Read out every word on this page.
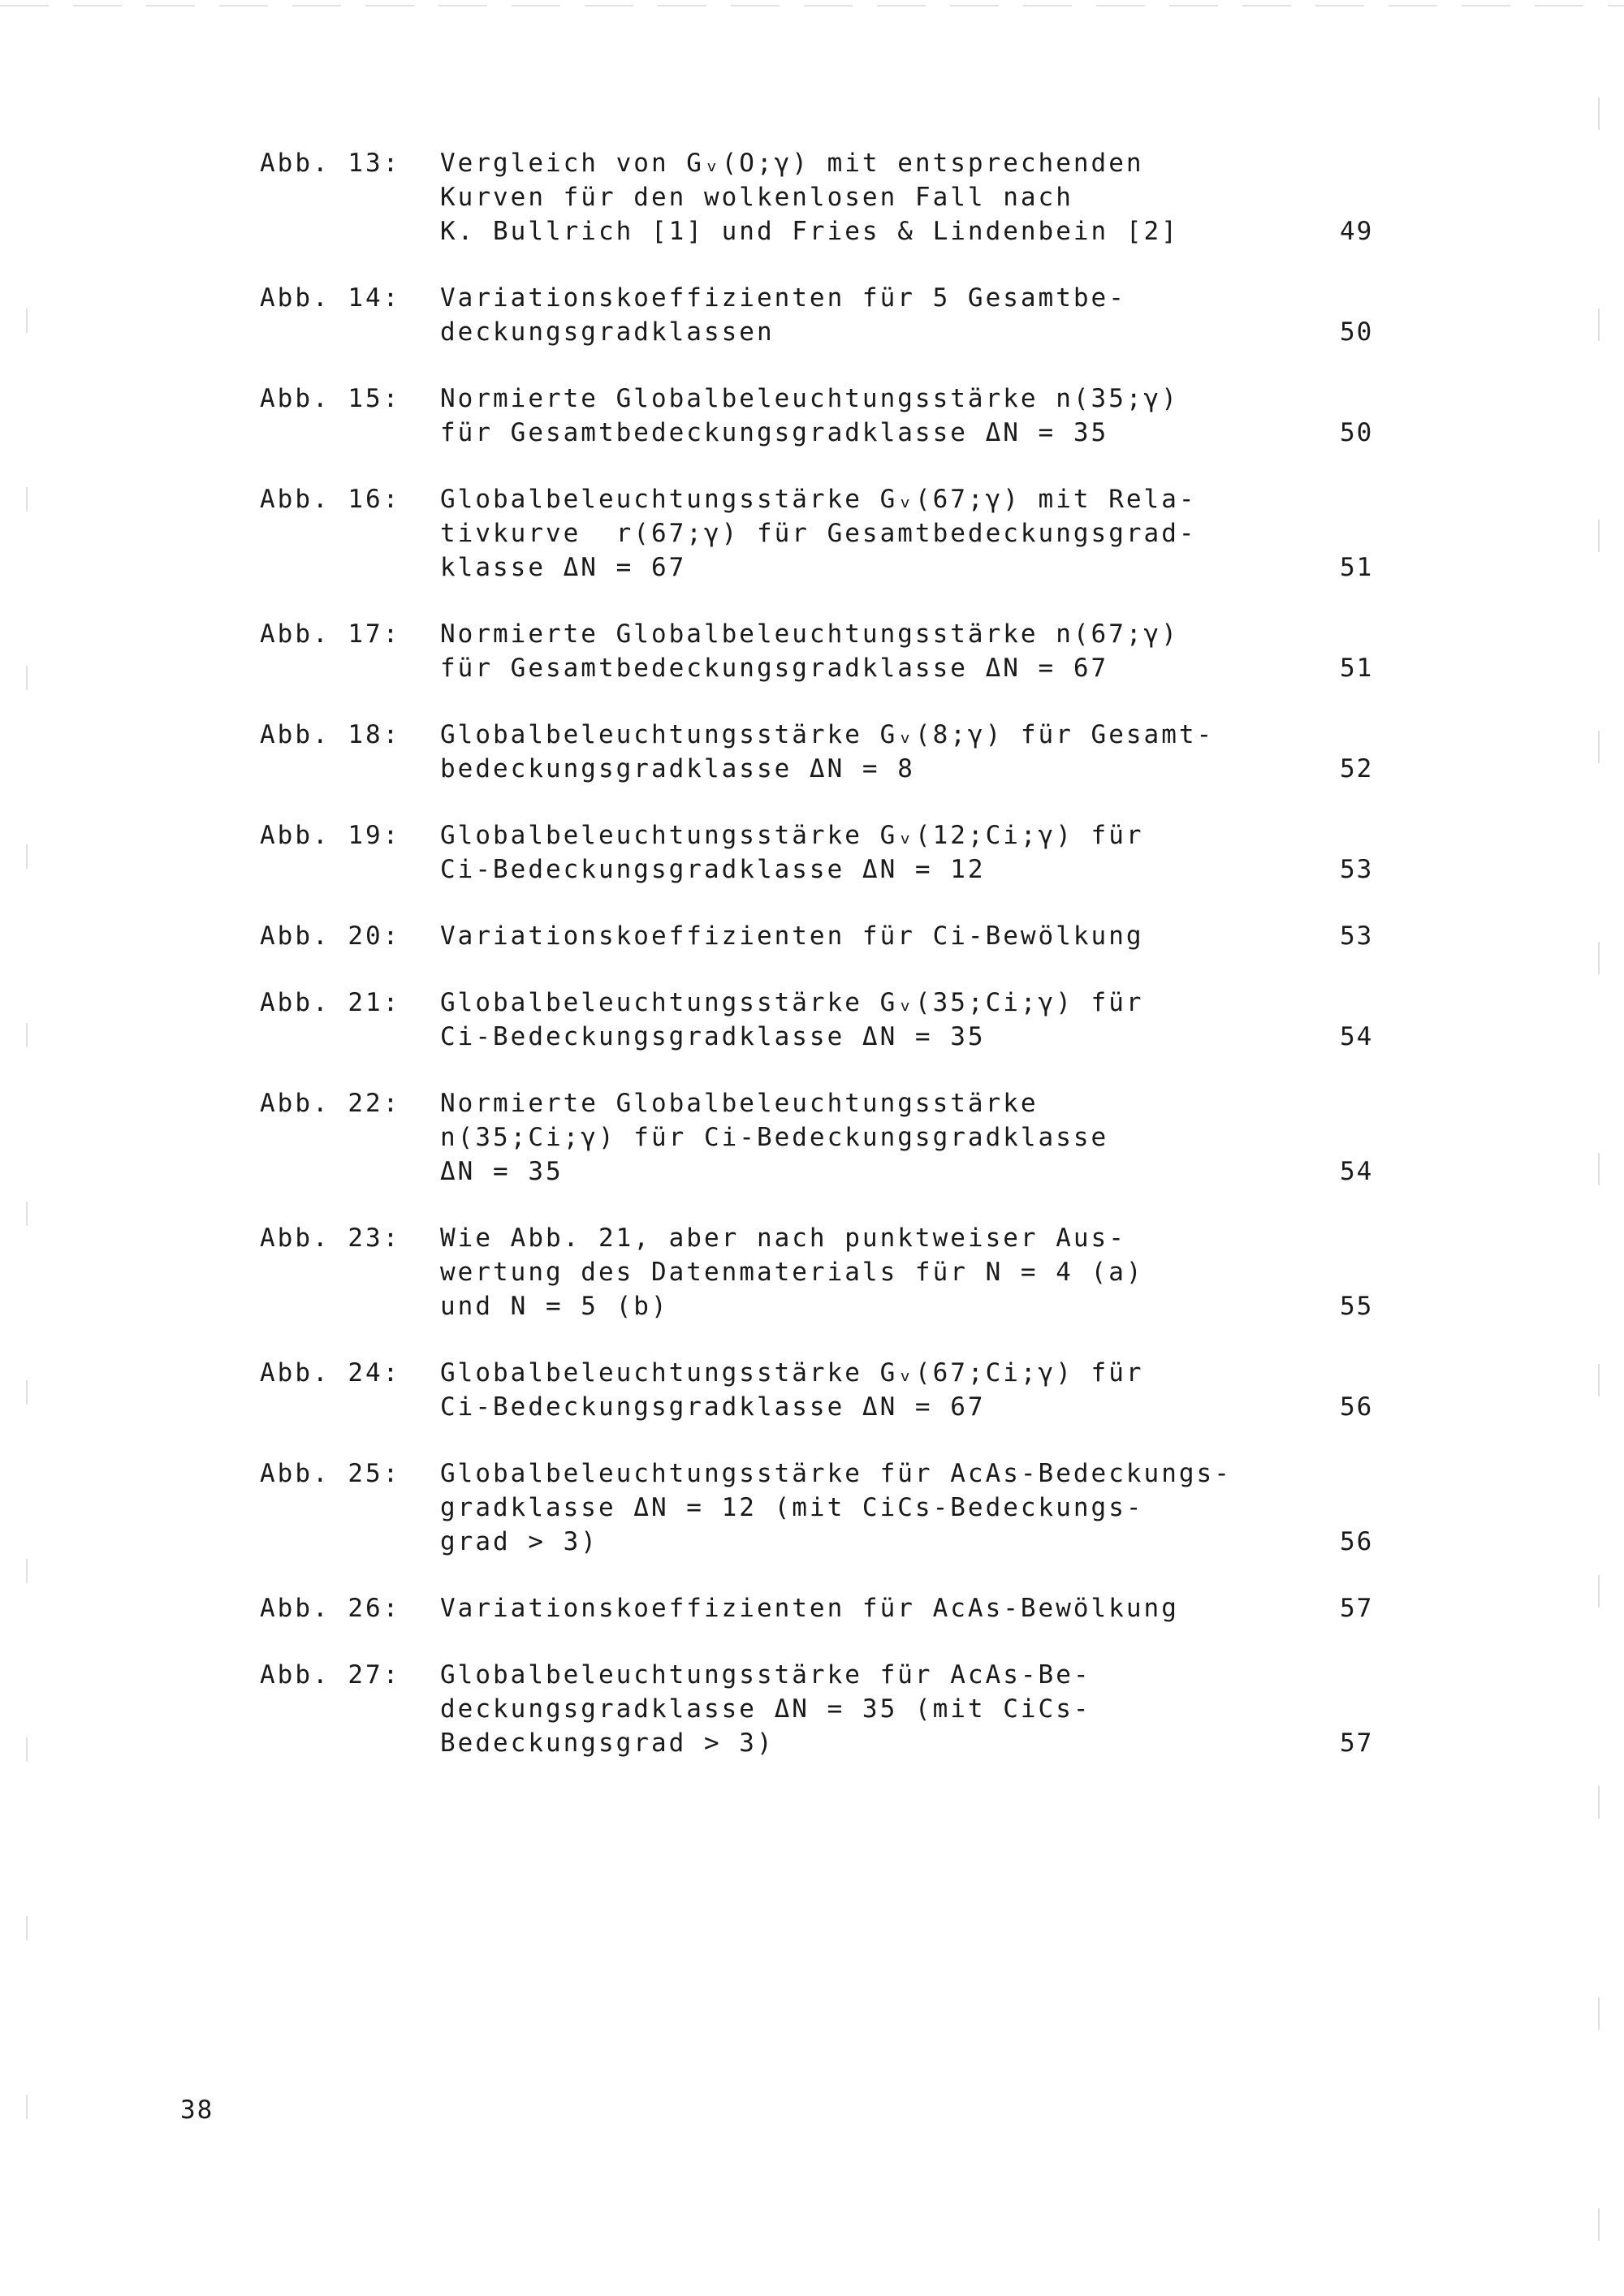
Abb. 13:	Vergleich von Gᵥ(O;γ) mit entsprechenden
Kurven für den wolkenlosen Fall nach
K. Bullrich [1] und Fries & Lindenbein [2]	49
Abb. 14:	Variationskoeffizienten für 5 Gesamtbe-
deckungsgradklassen	50
Abb. 15:	Normierte Globalbeleuchtungsstärke n(35;γ)
für Gesamtbedeckungsgradklasse ΔN = 35	50
Abb. 16:	Globalbeleuchtungsstärke Gᵥ(67;γ) mit Rela-
tivkurve  r(67;γ) für Gesamtbedeckungsgrad-
klasse ΔN = 67	51
Abb. 17:	Normierte Globalbeleuchtungsstärke n(67;γ)
für Gesamtbedeckungsgradklasse ΔN = 67	51
Abb. 18:	Globalbeleuchtungsstärke Gᵥ(8;γ) für Gesamt-
bedeckungsgradklasse ΔN = 8	52
Abb. 19:	Globalbeleuchtungsstärke Gᵥ(12;Ci;γ) für
Ci-Bedeckungsgradklasse ΔN = 12	53
Abb. 20:	Variationskoeffizienten für Ci-Bewölkung	53
Abb. 21:	Globalbeleuchtungsstärke Gᵥ(35;Ci;γ) für
Ci-Bedeckungsgradklasse ΔN = 35	54
Abb. 22:	Normierte Globalbeleuchtungsstärke
n(35;Ci;γ) für Ci-Bedeckungsgradklasse
ΔN = 35	54
Abb. 23:	Wie Abb. 21, aber nach punktweiser Aus-
wertung des Datenmaterials für N = 4 (a)
und N = 5 (b)	55
Abb. 24:	Globalbeleuchtungsstärke Gᵥ(67;Ci;γ) für
Ci-Bedeckungsgradklasse ΔN = 67	56
Abb. 25:	Globalbeleuchtungsstärke für AcAs-Bedeckungs-
gradklasse ΔN = 12 (mit CiCs-Bedeckungs-
grad > 3)	56
Abb. 26:	Variationskoeffizienten für AcAs-Bewölkung	57
Abb. 27:	Globalbeleuchtungsstärke für AcAs-Be-
deckungsgradklasse ΔN = 35 (mit CiCs-
Bedeckungsgrad > 3)	57
38
